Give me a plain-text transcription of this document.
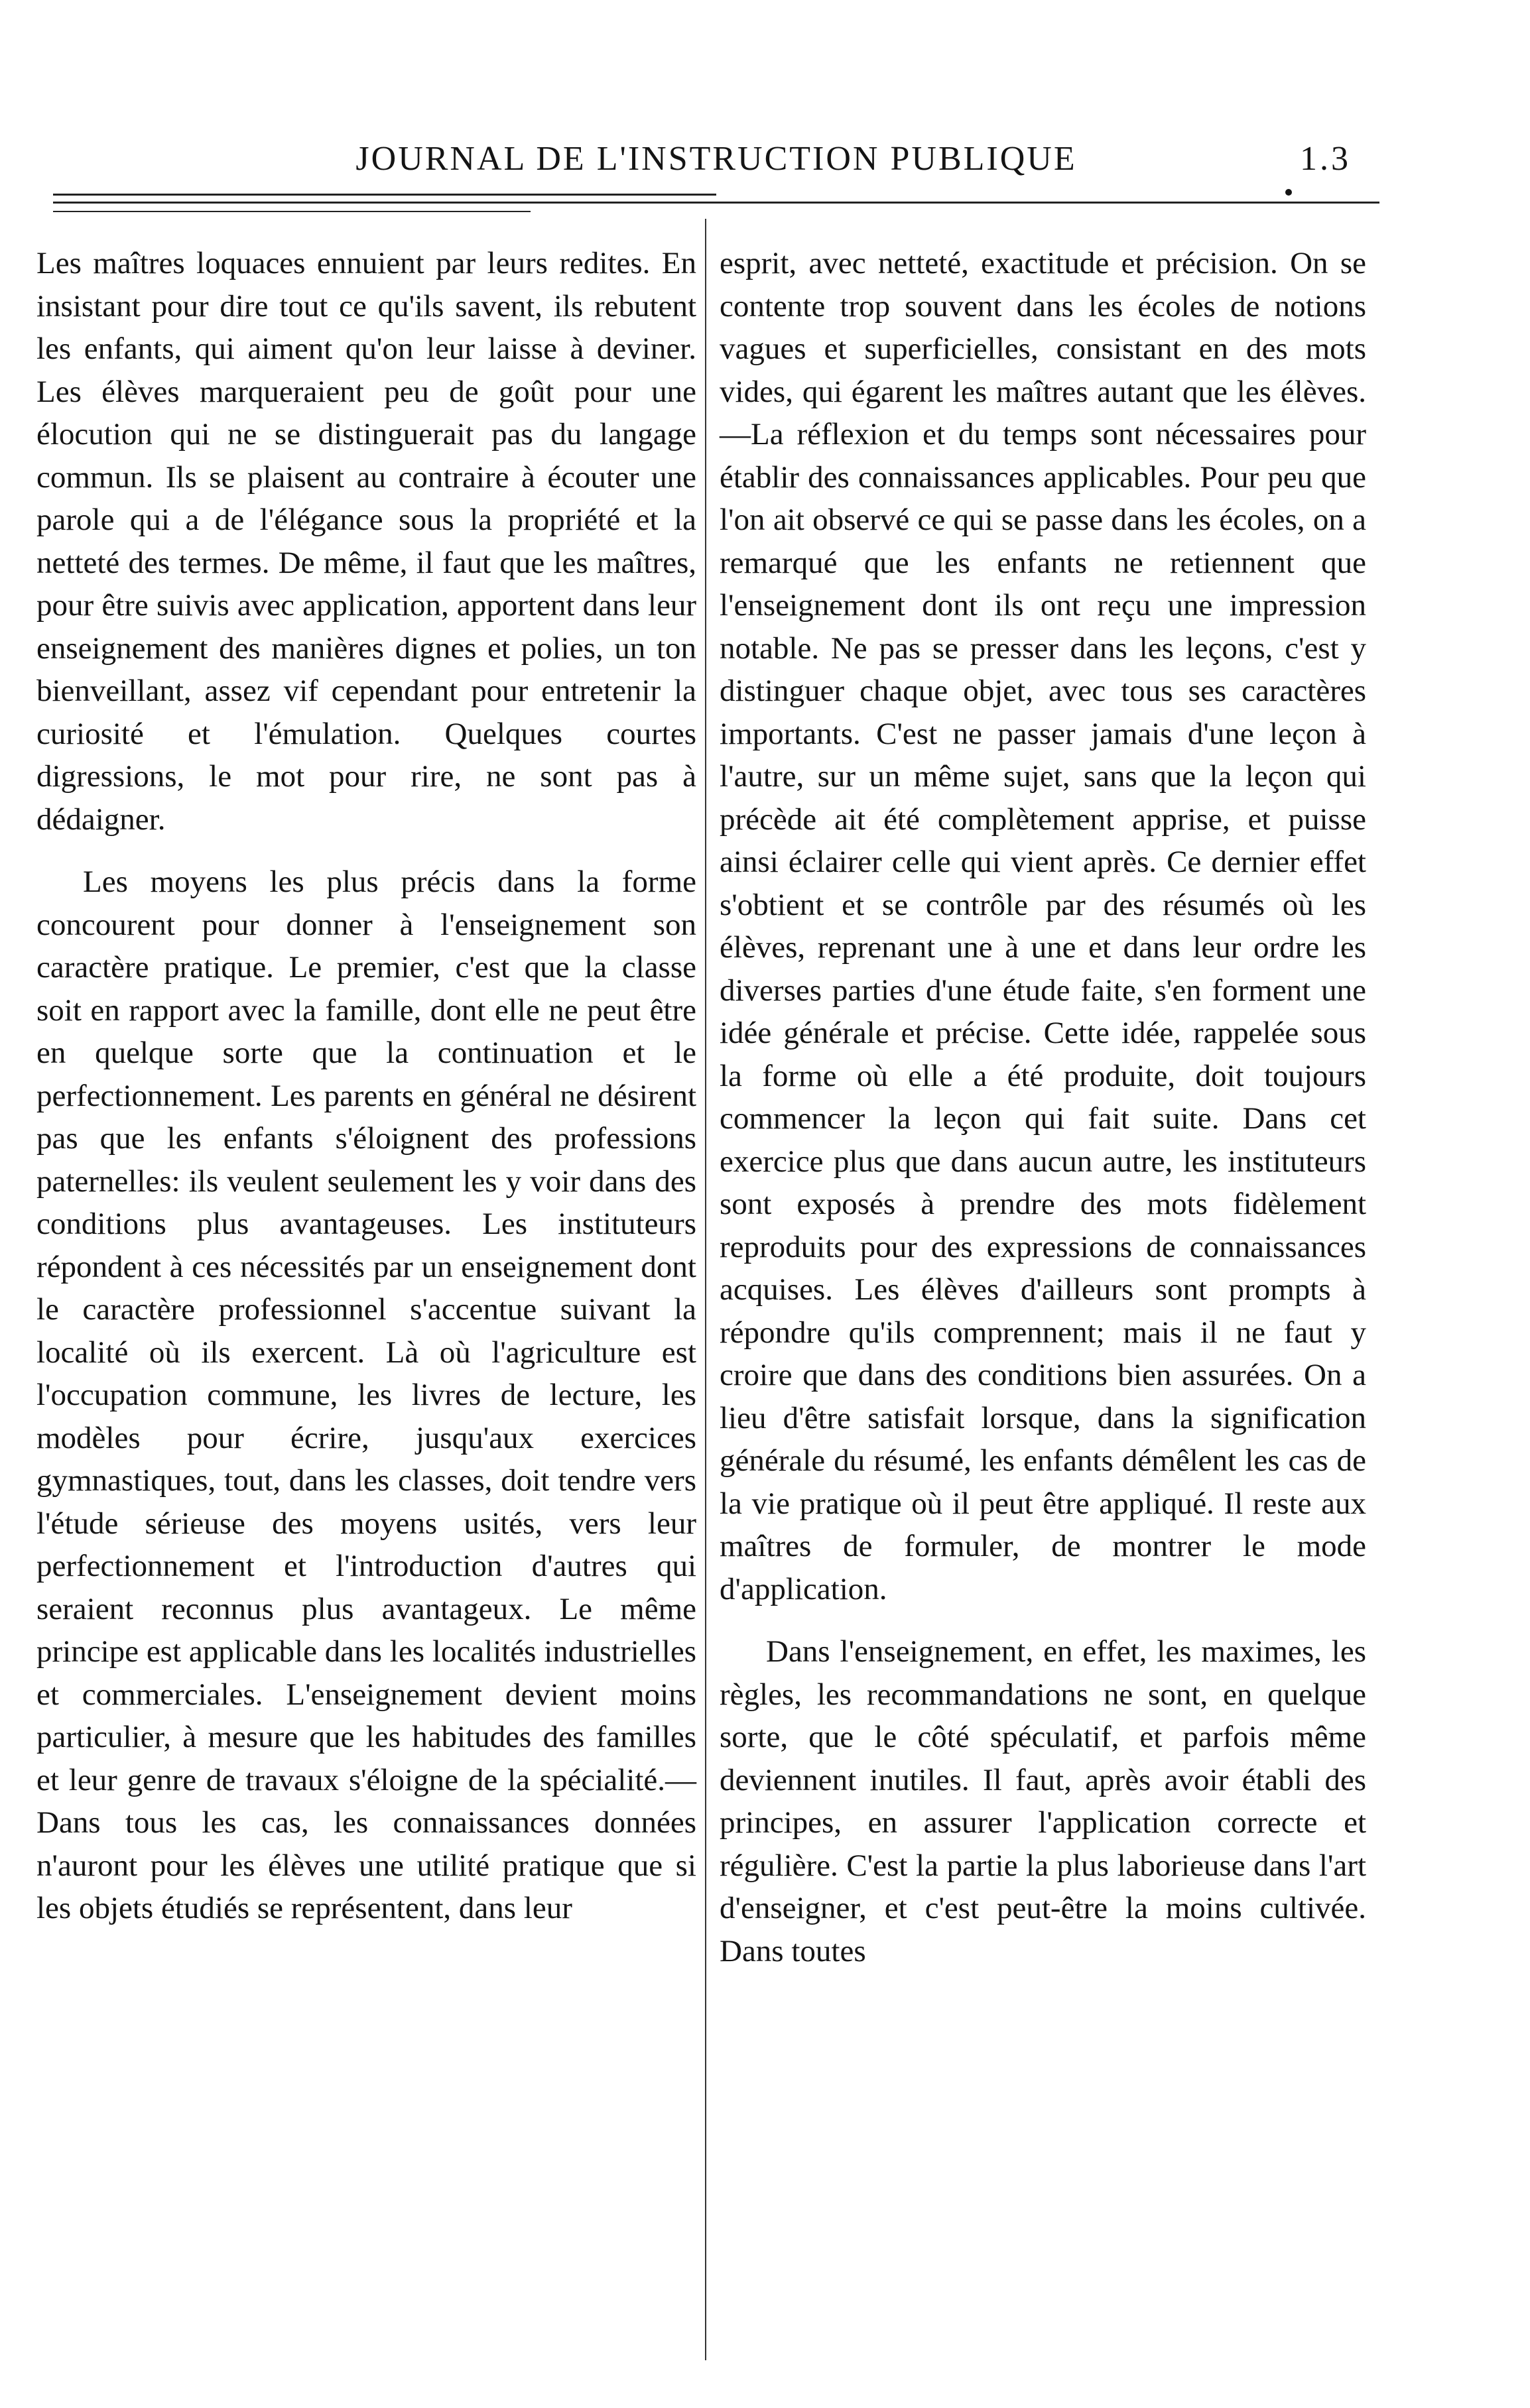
JOURNAL DE L'INSTRUCTION PUBLIQUE	1.3

Les maîtres loquaces ennuient par leurs redites. En insistant pour dire tout ce qu'ils savent, ils rebutent les enfants, qui aiment qu'on leur laisse à deviner. Les élèves marqueraient peu de goût pour une élocution qui ne se distinguerait pas du langage commun. Ils se plaisent au contraire à écouter une parole qui a de l'élégance sous la propriété et la netteté des termes. De même, il faut que les maîtres, pour être suivis avec application, apportent dans leur enseignement des manières dignes et polies, un ton bienveillant, assez vif cependant pour entretenir la curiosité et l'émulation. Quelques courtes digressions, le mot pour rire, ne sont pas à dédaigner.

Les moyens les plus précis dans la forme concourent pour donner à l'enseignement son caractère pratique. Le premier, c'est que la classe soit en rapport avec la famille, dont elle ne peut être en quelque sorte que la continuation et le perfectionnement. Les parents en général ne désirent pas que les enfants s'éloignent des professions paternelles: ils veulent seulement les y voir dans des conditions plus avantageuses. Les instituteurs répondent à ces nécessités par un enseignement dont le caractère professionnel s'accentue suivant la localité où ils exercent. Là où l'agriculture est l'occupation commune, les livres de lecture, les modèles pour écrire, jusqu'aux exercices gymnastiques, tout, dans les classes, doit tendre vers l'étude sérieuse des moyens usités, vers leur perfectionnement et l'introduction d'autres qui seraient reconnus plus avantageux. Le même principe est applicable dans les localités industrielles et commerciales. L'enseignement devient moins particulier, à mesure que les habitudes des familles et leur genre de travaux s'éloigne de la spécialité.—Dans tous les cas, les connaissances données n'auront pour les élèves une utilité pratique que si les objets étudiés se représentent, dans leur

esprit, avec netteté, exactitude et précision. On se contente trop souvent dans les écoles de notions vagues et superficielles, consistant en des mots vides, qui égarent les maîtres autant que les élèves.—La réflexion et du temps sont nécessaires pour établir des connaissances applicables. Pour peu que l'on ait observé ce qui se passe dans les écoles, on a remarqué que les enfants ne retiennent que l'enseignement dont ils ont reçu une impression notable. Ne pas se presser dans les leçons, c'est y distinguer chaque objet, avec tous ses caractères importants. C'est ne passer jamais d'une leçon à l'autre, sur un même sujet, sans que la leçon qui précède ait été complètement apprise, et puisse ainsi éclairer celle qui vient après. Ce dernier effet s'obtient et se contrôle par des résumés où les élèves, reprenant une à une et dans leur ordre les diverses parties d'une étude faite, s'en forment une idée générale et précise. Cette idée, rappelée sous la forme où elle a été produite, doit toujours commencer la leçon qui fait suite. Dans cet exercice plus que dans aucun autre, les instituteurs sont exposés à prendre des mots fidèlement reproduits pour des expressions de connaissances acquises. Les élèves d'ailleurs sont prompts à répondre qu'ils comprennent; mais il ne faut y croire que dans des conditions bien assurées. On a lieu d'être satisfait lorsque, dans la signification générale du résumé, les enfants démêlent les cas de la vie pratique où il peut être appliqué. Il reste aux maîtres de formuler, de montrer le mode d'application.

Dans l'enseignement, en effet, les maximes, les règles, les recommandations ne sont, en quelque sorte, que le côté spéculatif, et parfois même deviennent inutiles. Il faut, après avoir établi des principes, en assurer l'application correcte et régulière. C'est la partie la plus laborieuse dans l'art d'enseigner, et c'est peut-être la moins cultivée. Dans toutes
